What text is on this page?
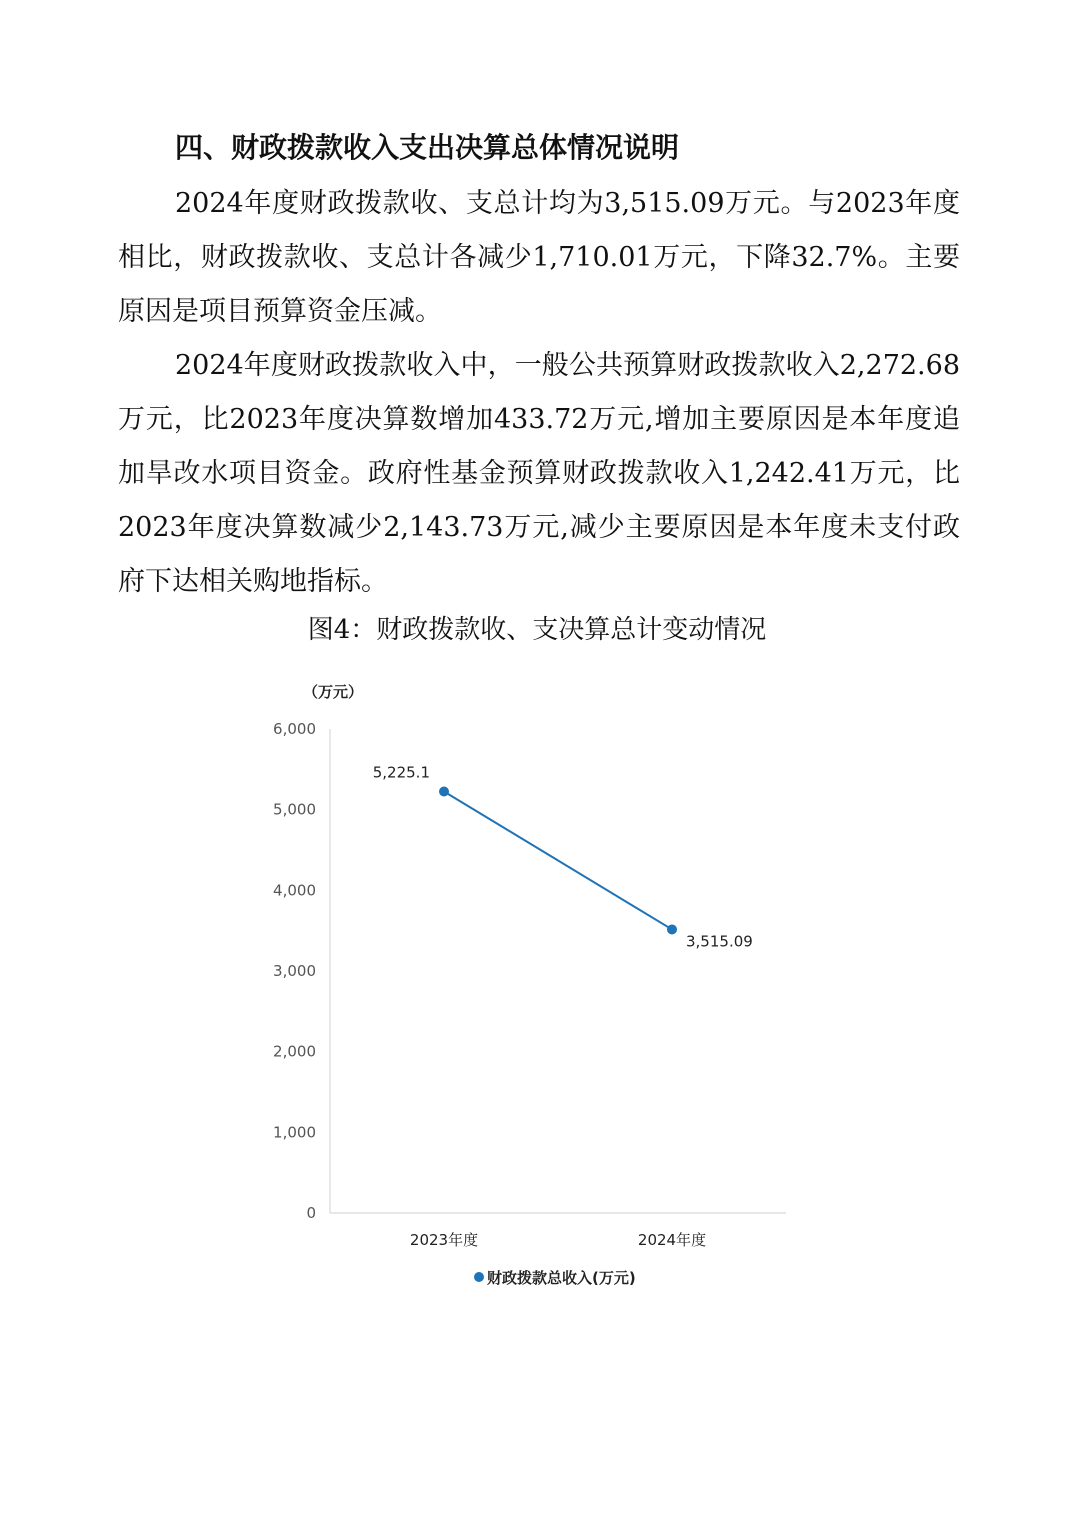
四、财政拨款收入支出决算总体情况说明

2024年度财政拨款收、支总计均为3,515.09万元。与2023年度相比，财政拨款收、支总计各减少1,710.01万元，下降32.7%。主要原因是项目预算资金压减。

2024年度财政拨款收入中，一般公共预算财政拨款收入2,272.68万元，比2023年度决算数增加433.72万元,增加主要原因是本年度追加旱改水项目资金。政府性基金预算财政拨款收入1,242.41万元，比2023年度决算数减少2,143.73万元,减少主要原因是本年度未支付政府下达相关购地指标。

图4：财政拨款收、支决算总计变动情况
（万元）
0
1,000
2,000
3,000
4,000
5,000
6,000
2023年度	2024年度
5,225.1
3,515.09
财政拨款总收入(万元)
